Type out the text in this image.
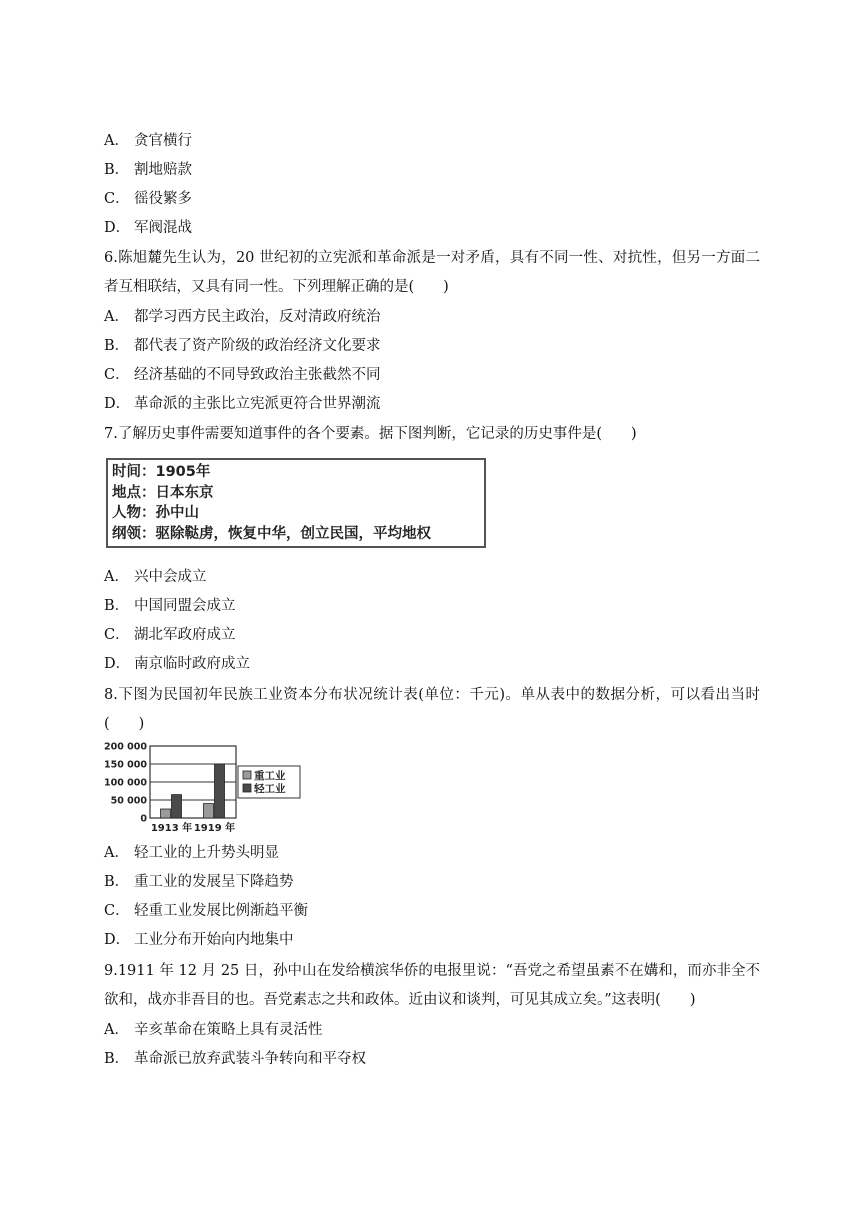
A． 贪官横行
B． 割地赔款
C． 徭役繁多
D． 军阀混战
6.陈旭麓先生认为，20 世纪初的立宪派和革命派是一对矛盾，具有不同一性、对抗性，但另一方面二者互相联结，又具有同一性。下列理解正确的是(　　)
A． 都学习西方民主政治，反对清政府统治
B． 都代表了资产阶级的政治经济文化要求
C． 经济基础的不同导致政治主张截然不同
D． 革命派的主张比立宪派更符合世界潮流
7.了解历史事件需要知道事件的各个要素。据下图判断，它记录的历史事件是(　　)
时间：1905年
地点：日本东京
人物：孙中山
纲领：驱除鞑虏，恢复中华，创立民国，平均地权
A． 兴中会成立
B． 中国同盟会成立
C． 湖北军政府成立
D． 南京临时政府成立
8.下图为民国初年民族工业资本分布状况统计表(单位：千元)。单从表中的数据分析，可以看出当时(　　)
200 000
150 000
100 000
50 000
0
1913 年 1919 年
重工业
轻工业
A． 轻工业的上升势头明显
B． 重工业的发展呈下降趋势
C． 轻重工业发展比例渐趋平衡
D． 工业分布开始向内地集中
9.1911 年 12 月 25 日，孙中山在发给横滨华侨的电报里说：“吾党之希望虽素不在媾和，而亦非全不欲和，战亦非吾目的也。吾党素志之共和政体。近由议和谈判，可见其成立矣。”这表明(　　)
A． 辛亥革命在策略上具有灵活性
B． 革命派已放弃武装斗争转向和平夺权
